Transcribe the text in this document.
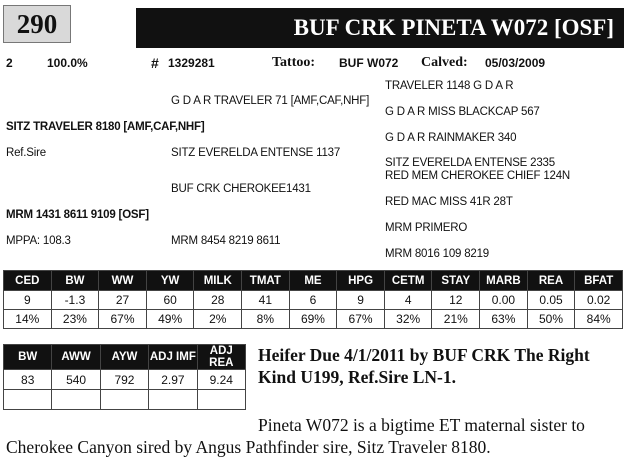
290	BUF CRK PINETA W072 [OSF]
2	100.0%	# 1329281	Tattoo: BUF W072 Calved: 05/03/2009
TRAVELER 1148 G D A R
G D A R TRAVELER 71 [AMF,CAF,NHF]
G D A R MISS BLACKCAP 567
SITZ TRAVELER 8180 [AMF,CAF,NHF]
G D A R RAINMAKER 340
Ref.Sire	SITZ EVERELDA ENTENSE 1137
SITZ EVERELDA ENTENSE 2335
RED MEM CHEROKEE CHIEF 124N
BUF CRK CHEROKEE1431
RED MAC MISS 41R 28T
MRM 1431 8611 9109 [OSF]
MRM PRIMERO
MPPA: 108.3	MRM 8454 8219 8611
MRM 8016 109 8219
CED	BW	WW	YW	MILK	TMAT	ME	HPG	CETM	STAY	MARB	REA	BFAT
9	-1.3	27	60	28	41	6	9	4	12	0.00	0.05	0.02
14%	23%	67%	49%	2%	8%	69%	67%	32%	21%	63%	50%	84%
BW	AWW	AYW	ADJ IMF	ADJ REA
83	540	792	2.97	9.24

Heifer Due 4/1/2011 by BUF CRK The Right
Kind U199, Ref.Sire LN-1.
Pineta W072 is a bigtime ET maternal sister to
Cherokee Canyon sired by Angus Pathfinder sire, Sitz Traveler 8180.
